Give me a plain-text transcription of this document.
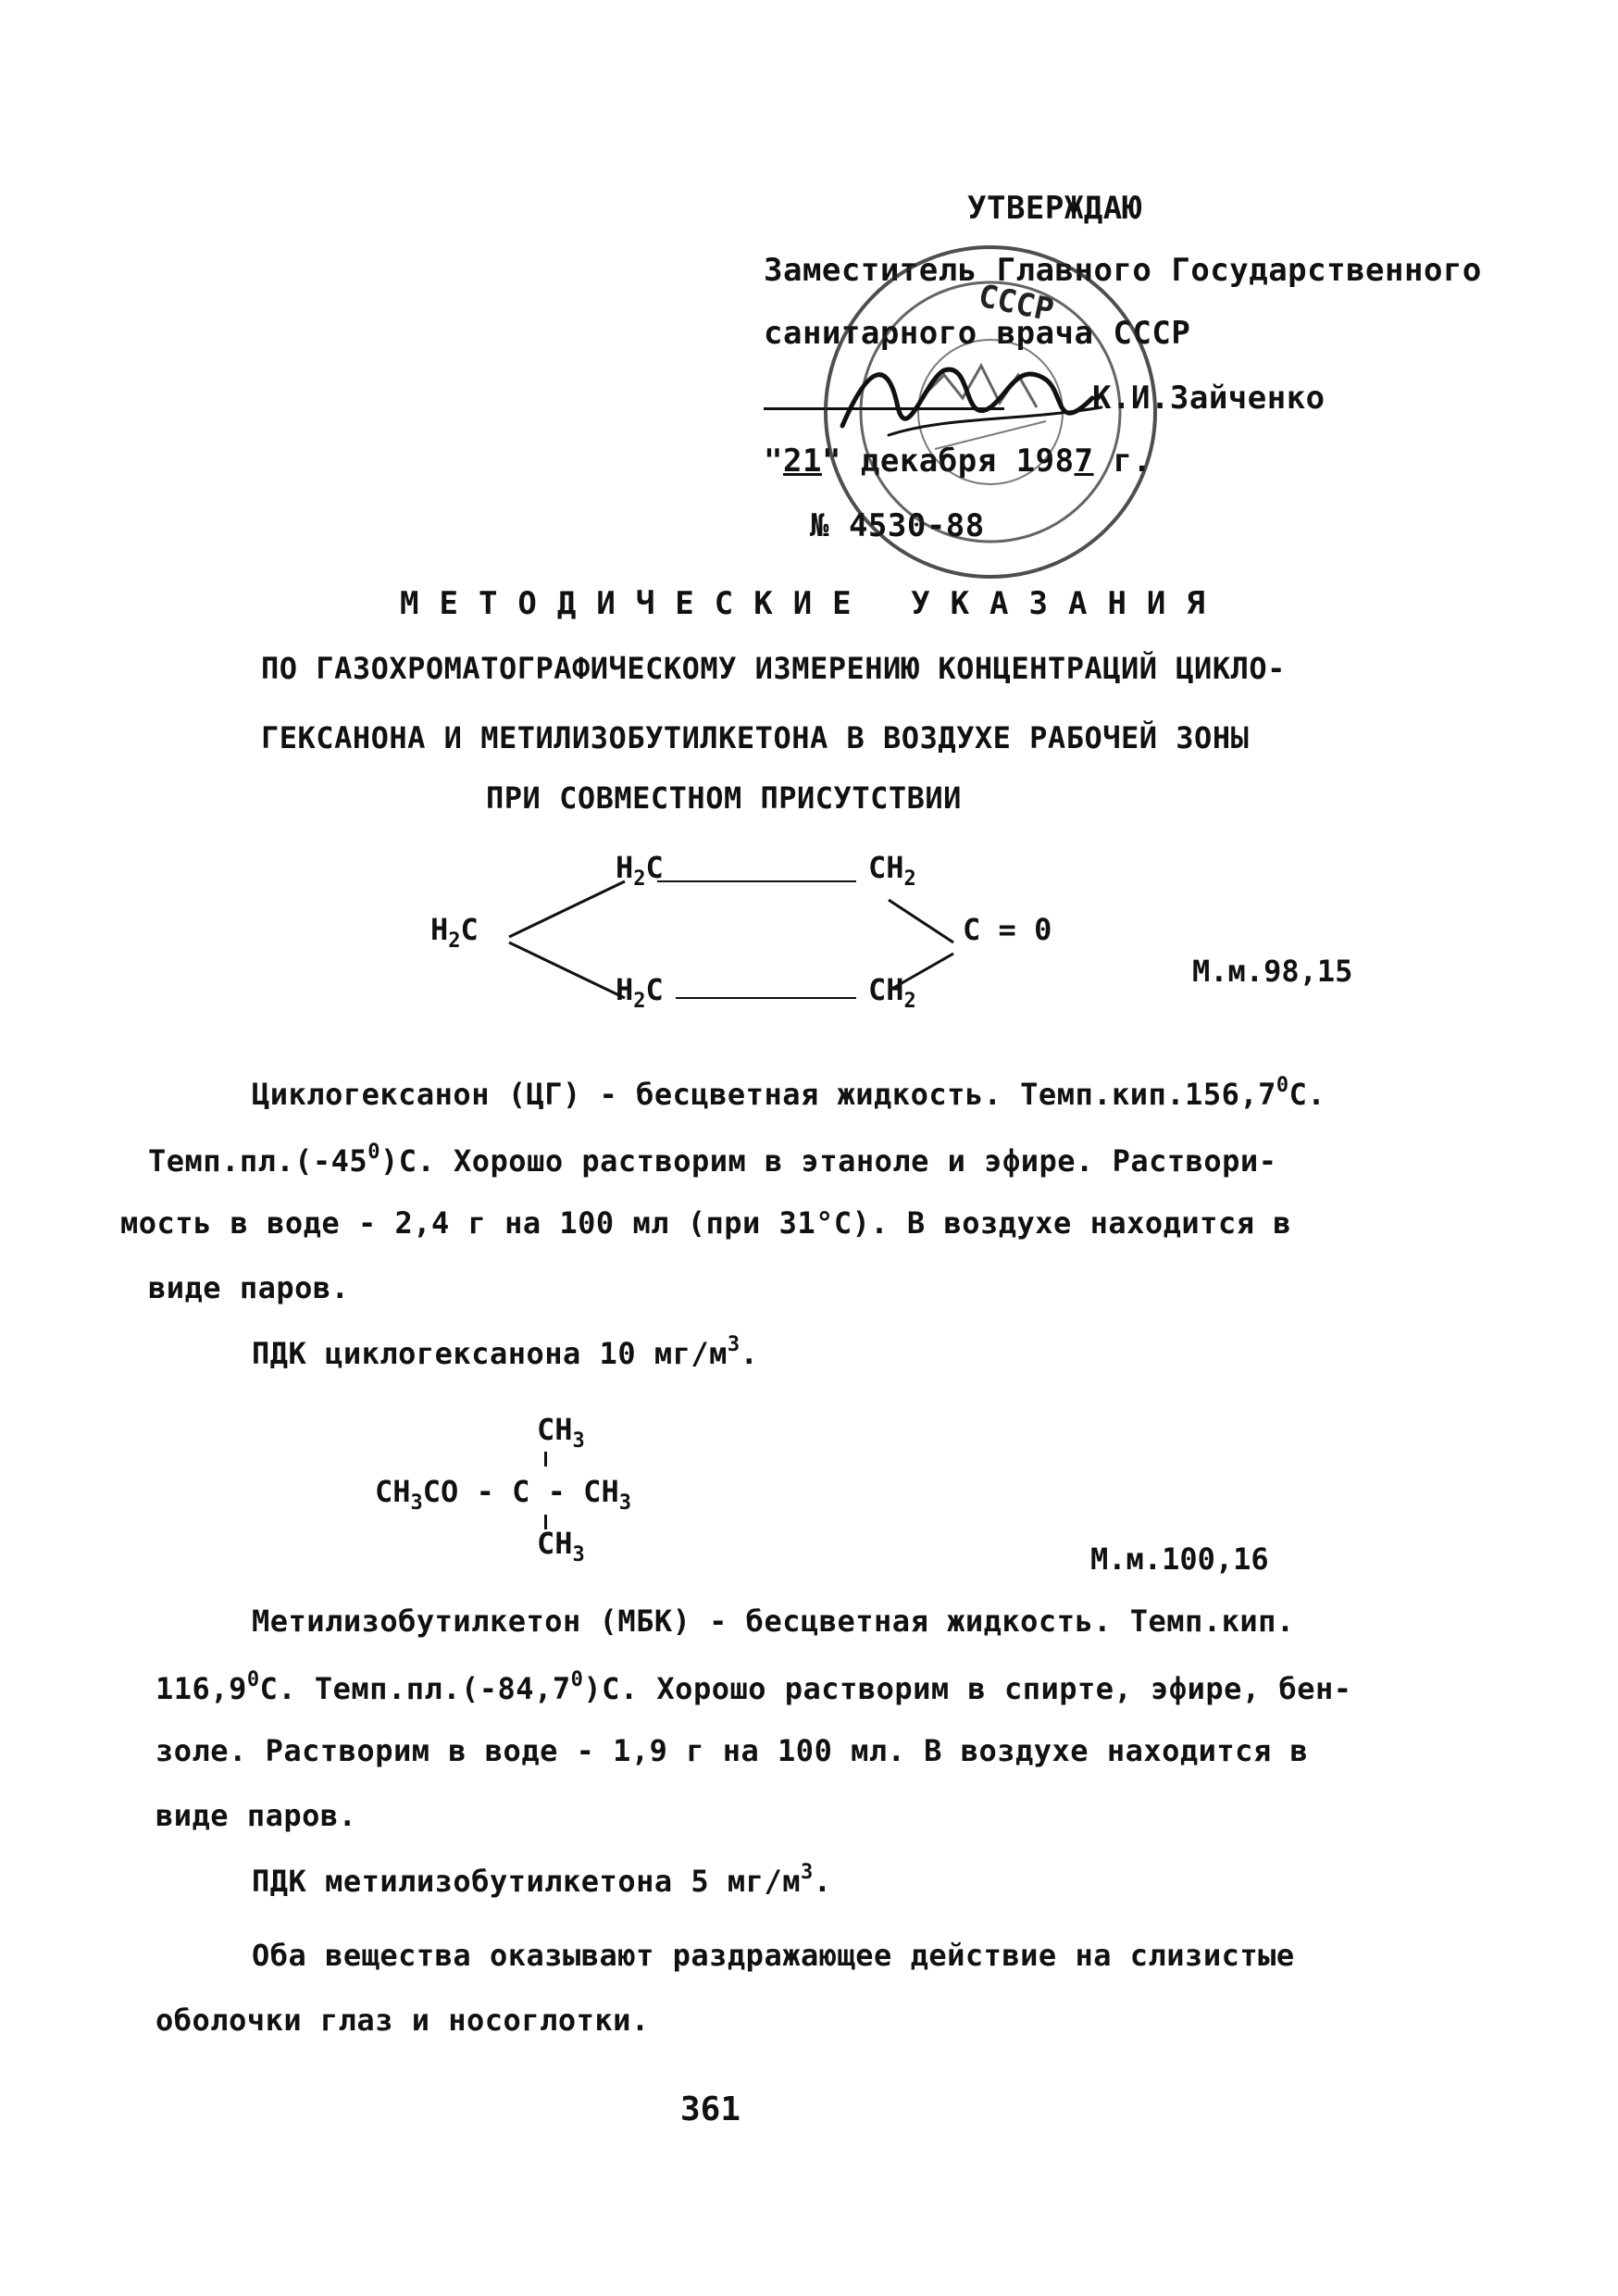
УТВЕРЖДАЮ
Заместитель Главного Государственного
санитарного врача СССР
К.И.Зайченко
"21" декабря 1987 г.
№ 4530-88
СССР
МЕТОДИЧЕСКИЕ УКАЗАНИЯ
ПО ГАЗОХРОМАТОГРАФИЧЕСКОМУ ИЗМЕРЕНИЮ КОНЦЕНТРАЦИЙ ЦИКЛО-
ГЕКСАНОНА И МЕТИЛИЗОБУТИЛКЕТОНА В ВОЗДУХЕ РАБОЧЕЙ ЗОНЫ
ПРИ СОВМЕСТНОМ ПРИСУТСТВИИ
$H_2C$	$CH_2$
$H_2C$	C = 0
$H_2C$	$CH_2$
М.м.98,15
Циклогексанон (ЦГ) - бесцветная жидкость. Темп.кип.156,7$^0$С.
$Темп.пл.(-45^0)С$. Хорошо растворим в этаноле и эфире. Раствори-
мость в воде - 2,4 г на 100 мл (при 31°С). В воздухе находится в
виде паров.
ПДК циклогексанона 10 $мг/м^3$.
$CH_3$
$CH_3CO$ - C - $CH_3$
$CH_3$	М.м.100,16
Метилизобутилкетон (МБК) - бесцветная жидкость. Темп.кип.
116,9$^0$С. Темп.пл.(-84,7$^0$)С. Хорошо растворим в спирте, эфире, бен-
золе. Растворим в воде - 1,9 г на 100 мл. В воздухе находится в
виде паров.
ПДК метилизобутилкетона 5 $мг/м^3$.
Оба вещества оказывают раздражающее действие на слизистые
оболочки глаз и носоглотки.
361
